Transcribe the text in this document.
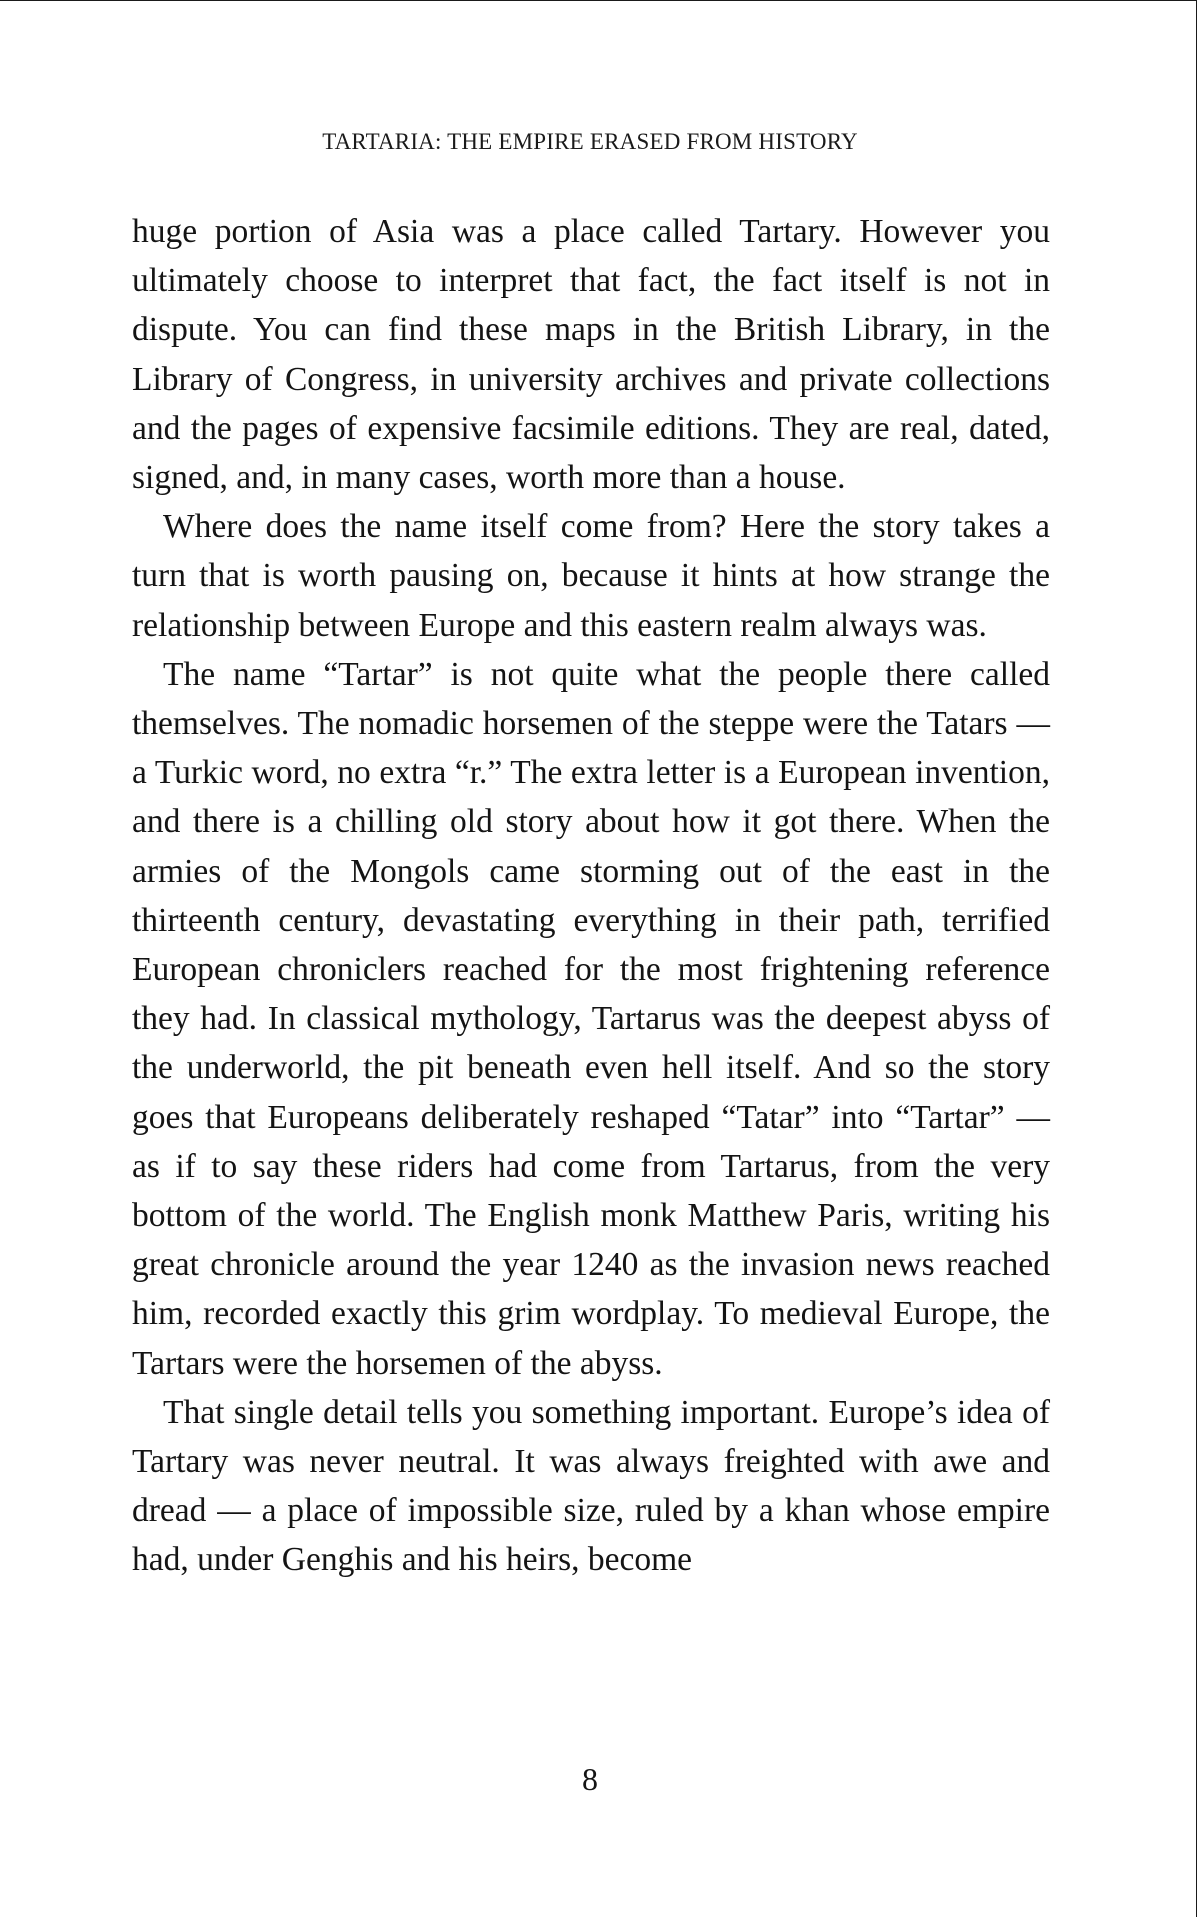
TARTARIA: THE EMPIRE ERASED FROM HISTORY

huge portion of Asia was a place called Tartary. However you ultimately choose to interpret that fact, the fact itself is not in dispute. You can find these maps in the British Library, in the Library of Congress, in university archives and private collections and the pages of expensive facsimile editions. They are real, dated, signed, and, in many cases, worth more than a house.

Where does the name itself come from? Here the story takes a turn that is worth pausing on, because it hints at how strange the relationship between Europe and this eastern realm always was.

The name “Tartar” is not quite what the people there called themselves. The nomadic horsemen of the steppe were the Tatars — a Turkic word, no extra “r.” The extra letter is a European invention, and there is a chilling old story about how it got there. When the armies of the Mongols came storming out of the east in the thirteenth century, devastating everything in their path, terrified European chroniclers reached for the most frightening reference they had. In classical mythology, Tartarus was the deepest abyss of the underworld, the pit beneath even hell itself. And so the story goes that Europeans deliberately reshaped “Tatar” into “Tartar” — as if to say these riders had come from Tartarus, from the very bottom of the world. The English monk Matthew Paris, writing his great chronicle around the year 1240 as the invasion news reached him, recorded exactly this grim wordplay. To medieval Europe, the Tartars were the horsemen of the abyss.

That single detail tells you something important. Europe’s idea of Tartary was never neutral. It was always freighted with awe and dread — a place of impossible size, ruled by a khan whose empire had, under Genghis and his heirs, become

8
